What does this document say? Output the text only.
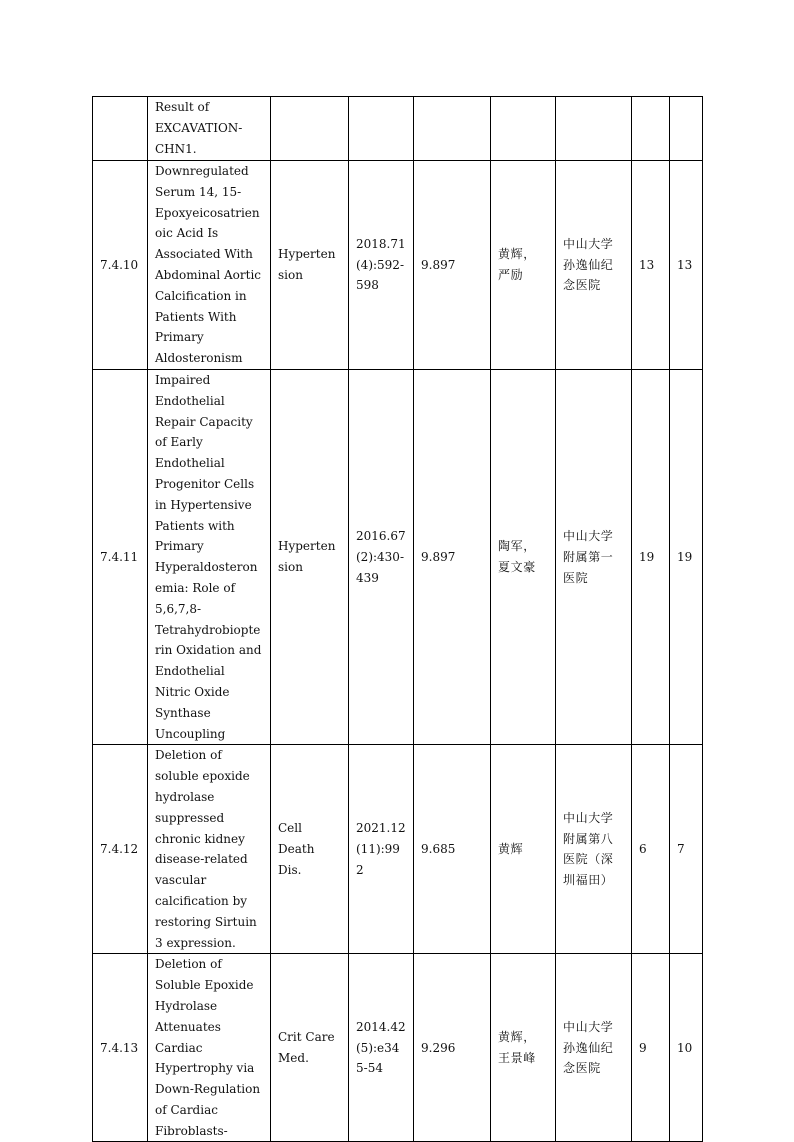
	Result of EXCAVATION-CHN1.							
7.4.10	Downregulated Serum 14, 15-Epoxyeicosatrienoic Acid Is Associated With Abdominal Aortic Calcification in Patients With Primary Aldosteronism	Hypertension	2018.71(4):592-598	9.897	黄辉，严励	中山大学孙逸仙纪念医院	13	13
7.4.11	Impaired Endothelial Repair Capacity of Early Endothelial Progenitor Cells in Hypertensive Patients with Primary Hyperaldosteronemia: Role of 5,6,7,8-Tetrahydrobiopterin Oxidation and Endothelial Nitric Oxide Synthase Uncoupling	Hypertension	2016.67(2):430-439	9.897	陶军，夏文豪	中山大学附属第一医院	19	19
7.4.12	Deletion of soluble epoxide hydrolase suppressed chronic kidney disease-related vascular calcification by restoring Sirtuin 3 expression.	Cell Death Dis.	2021.12(11):992	9.685	黄辉	中山大学附属第八医院（深圳福田）	6	7
7.4.13	Deletion of Soluble Epoxide Hydrolase Attenuates Cardiac Hypertrophy via Down-Regulation of Cardiac Fibroblasts-	Crit Care Med.	2014.42(5):e345-54	9.296	黄辉，王景峰	中山大学孙逸仙纪念医院	9	10
